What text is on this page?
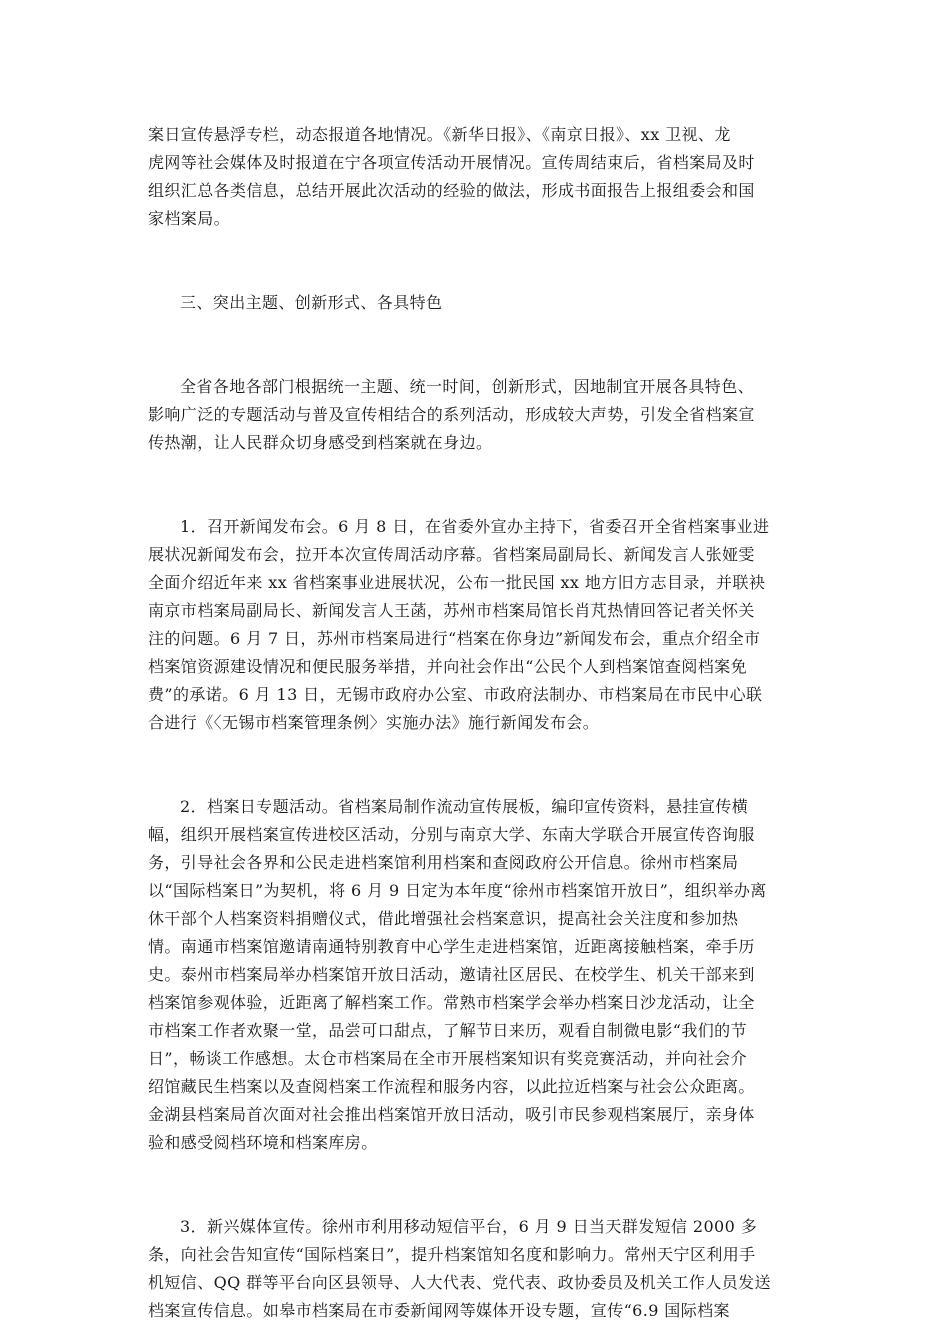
案日宣传悬浮专栏，动态报道各地情况。《新华日报》、《南京日报》、xx 卫视、龙
虎网等社会媒体及时报道在宁各项宣传活动开展情况。宣传周结束后，省档案局及时
组织汇总各类信息，总结开展此次活动的经验的做法，形成书面报告上报组委会和国
家档案局。
三、突出主题、创新形式、各具特色
全省各地各部门根据统一主题、统一时间，创新形式，因地制宜开展各具特色、
影响广泛的专题活动与普及宣传相结合的系列活动，形成较大声势，引发全省档案宣
传热潮，让人民群众切身感受到档案就在身边。
1．召开新闻发布会。6 月 8 日，在省委外宣办主持下，省委召开全省档案事业进
展状况新闻发布会，拉开本次宣传周活动序幕。省档案局副局长、新闻发言人张娅雯
全面介绍近年来 xx 省档案事业进展状况，公布一批民国 xx 地方旧方志目录，并联袂
南京市档案局副局长、新闻发言人王菡，苏州市档案局馆长肖芃热情回答记者关怀关
注的问题。6 月 7 日，苏州市档案局进行“档案在你身边”新闻发布会，重点介绍全市
档案馆资源建设情况和便民服务举措，并向社会作出“公民个人到档案馆查阅档案免
费”的承诺。6 月 13 日，无锡市政府办公室、市政府法制办、市档案局在市民中心联
合进行《〈无锡市档案管理条例〉实施办法》施行新闻发布会。
2．档案日专题活动。省档案局制作流动宣传展板，编印宣传资料，悬挂宣传横
幅，组织开展档案宣传进校区活动，分别与南京大学、东南大学联合开展宣传咨询服
务，引导社会各界和公民走进档案馆利用档案和查阅政府公开信息。徐州市档案局
以“国际档案日”为契机，将 6 月 9 日定为本年度“徐州市档案馆开放日”，组织举办离
休干部个人档案资料捐赠仪式，借此增强社会档案意识，提高社会关注度和参加热
情。南通市档案馆邀请南通特别教育中心学生走进档案馆，近距离接触档案，牵手历
史。泰州市档案局举办档案馆开放日活动，邀请社区居民、在校学生、机关干部来到
档案馆参观体验，近距离了解档案工作。常熟市档案学会举办档案日沙龙活动，让全
市档案工作者欢聚一堂，品尝可口甜点，了解节日来历，观看自制微电影“我们的节
日”，畅谈工作感想。太仓市档案局在全市开展档案知识有奖竞赛活动，并向社会介
绍馆藏民生档案以及查阅档案工作流程和服务内容，以此拉近档案与社会公众距离。
金湖县档案局首次面对社会推出档案馆开放日活动，吸引市民参观档案展厅，亲身体
验和感受阅档环境和档案库房。
3．新兴媒体宣传。徐州市利用移动短信平台，6 月 9 日当天群发短信 2000 多
条，向社会告知宣传“国际档案日”，提升档案馆知名度和影响力。常州天宁区利用手
机短信、QQ 群等平台向区县领导、人大代表、党代表、政协委员及机关工作人员发送
档案宣传信息。如皋市档案局在市委新闻网等媒体开设专题，宣传“6.9 国际档案
